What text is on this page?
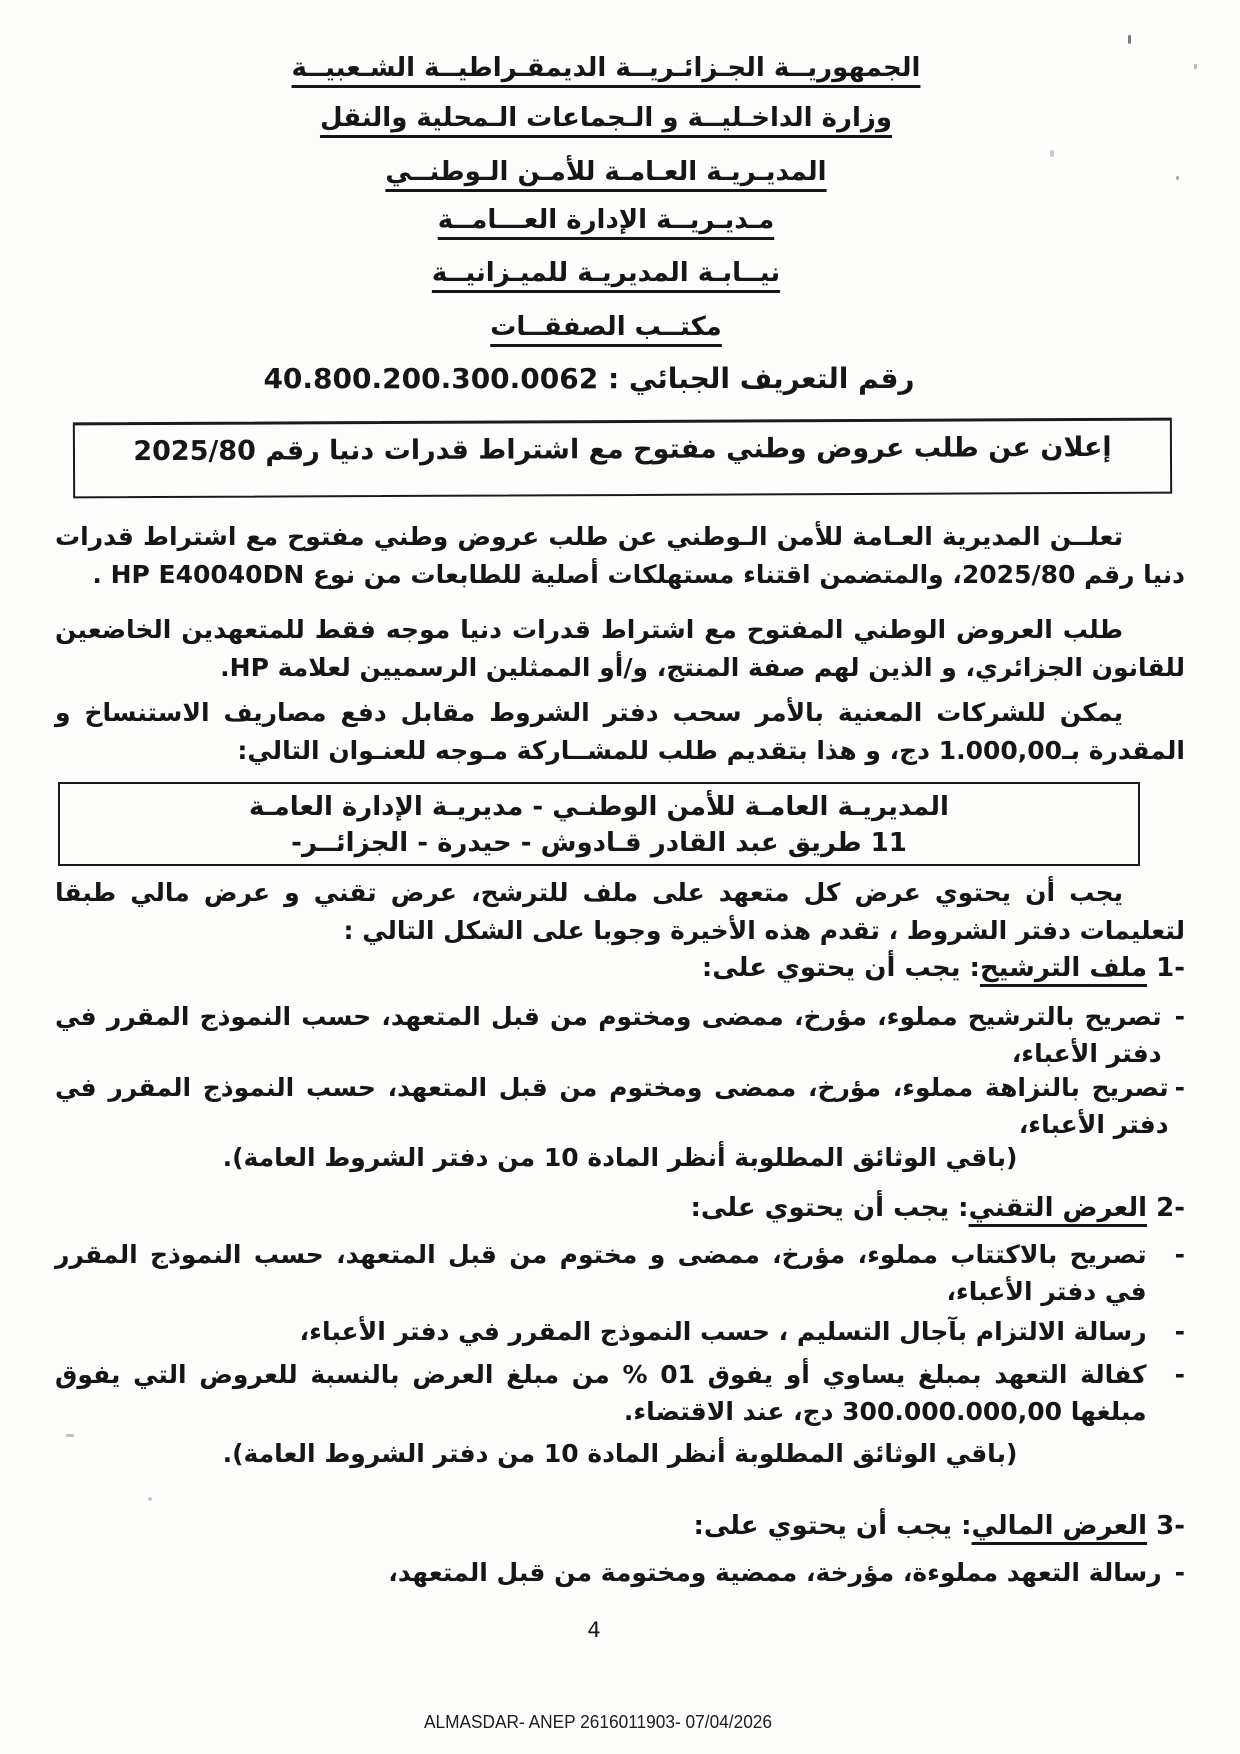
الجمهوريــة الجـزائـريــة الديمقـراطيــة الشـعبيــة
وزارة الداخـليــة و الـجماعات الـمحلية والنقل
المديـريـة العـامـة للأمـن الـوطنــي
مـديـريــة الإدارة العـــامــة
نيــابـة المديريـة للميـزانيــة
مكتــب الصفقــات
رقم التعريف الجبائي : 40.800.200.300.0062
إعلان عن طلب عروض وطني مفتوح مع اشتراط قدرات دنيا رقم 2025/80
تعلــن المديرية العـامة للأمن الـوطني عن طلب عروض وطني مفتوح مع اشتراط قدرات دنيا رقم 2025/80، والمتضمن اقتناء مستهلكات أصلية للطابعات من نوع HP E40040DN .
طلب العروض الوطني المفتوح مع اشتراط قدرات دنيا موجه فقط للمتعهدين الخاضعين للقانون الجزائري، و الذين لهم صفة المنتج، و/أو الممثلين الرسميين لعلامة HP.
يمكن للشركات المعنية بالأمر سحب دفتر الشروط مقابل دفع مصاريف الاستنساخ و المقدرة بـ1.000,00 دج، و هذا بتقديم طلب للمشــاركة مـوجه للعنـوان التالي:
المديريـة العامـة للأمن الوطنـي - مديريـة الإدارة العامـة
11 طريق عبد القادر قـادوش - حيدرة - الجزائــر-
يجب أن يحتوي عرض كل متعهد على ملف للترشح، عرض تقني و عرض مالي طبقا لتعليمات دفتر الشروط ، تقدم هذه الأخيرة وجوبا على الشكل التالي :
1- ملف الترشيح: يجب أن يحتوي على:
-
تصريح بالترشيح مملوء، مؤرخ، ممضى ومختوم من قبل المتعهد، حسب النموذج المقرر في دفتر الأعباء،
-
تصريح بالنزاهة مملوء، مؤرخ، ممضى ومختوم من قبل المتعهد، حسب النموذج المقرر في دفتر الأعباء،
(باقي الوثائق المطلوبة أنظر المادة 10 من دفتر الشروط العامة).
2- العرض التقني: يجب أن يحتوي على:
-
تصريح بالاكتتاب مملوء، مؤرخ، ممضى و مختوم من قبل المتعهد، حسب النموذج المقرر في دفتر الأعباء،
-
رسالة الالتزام بآجال التسليم ، حسب النموذج المقرر في دفتر الأعباء،
-
كفالة التعهد بمبلغ يساوي أو يفوق 01 % من مبلغ العرض بالنسبة للعروض التي يفوق مبلغها 300.000.000,00 دج، عند الاقتضاء.
(باقي الوثائق المطلوبة أنظر المادة 10 من دفتر الشروط العامة).
3- العرض المالي: يجب أن يحتوي على:
-
رسالة التعهد مملوءة، مؤرخة، ممضية ومختومة من قبل المتعهد،
4
ALMASDAR- ANEP 2616011903- 07/04/2026
